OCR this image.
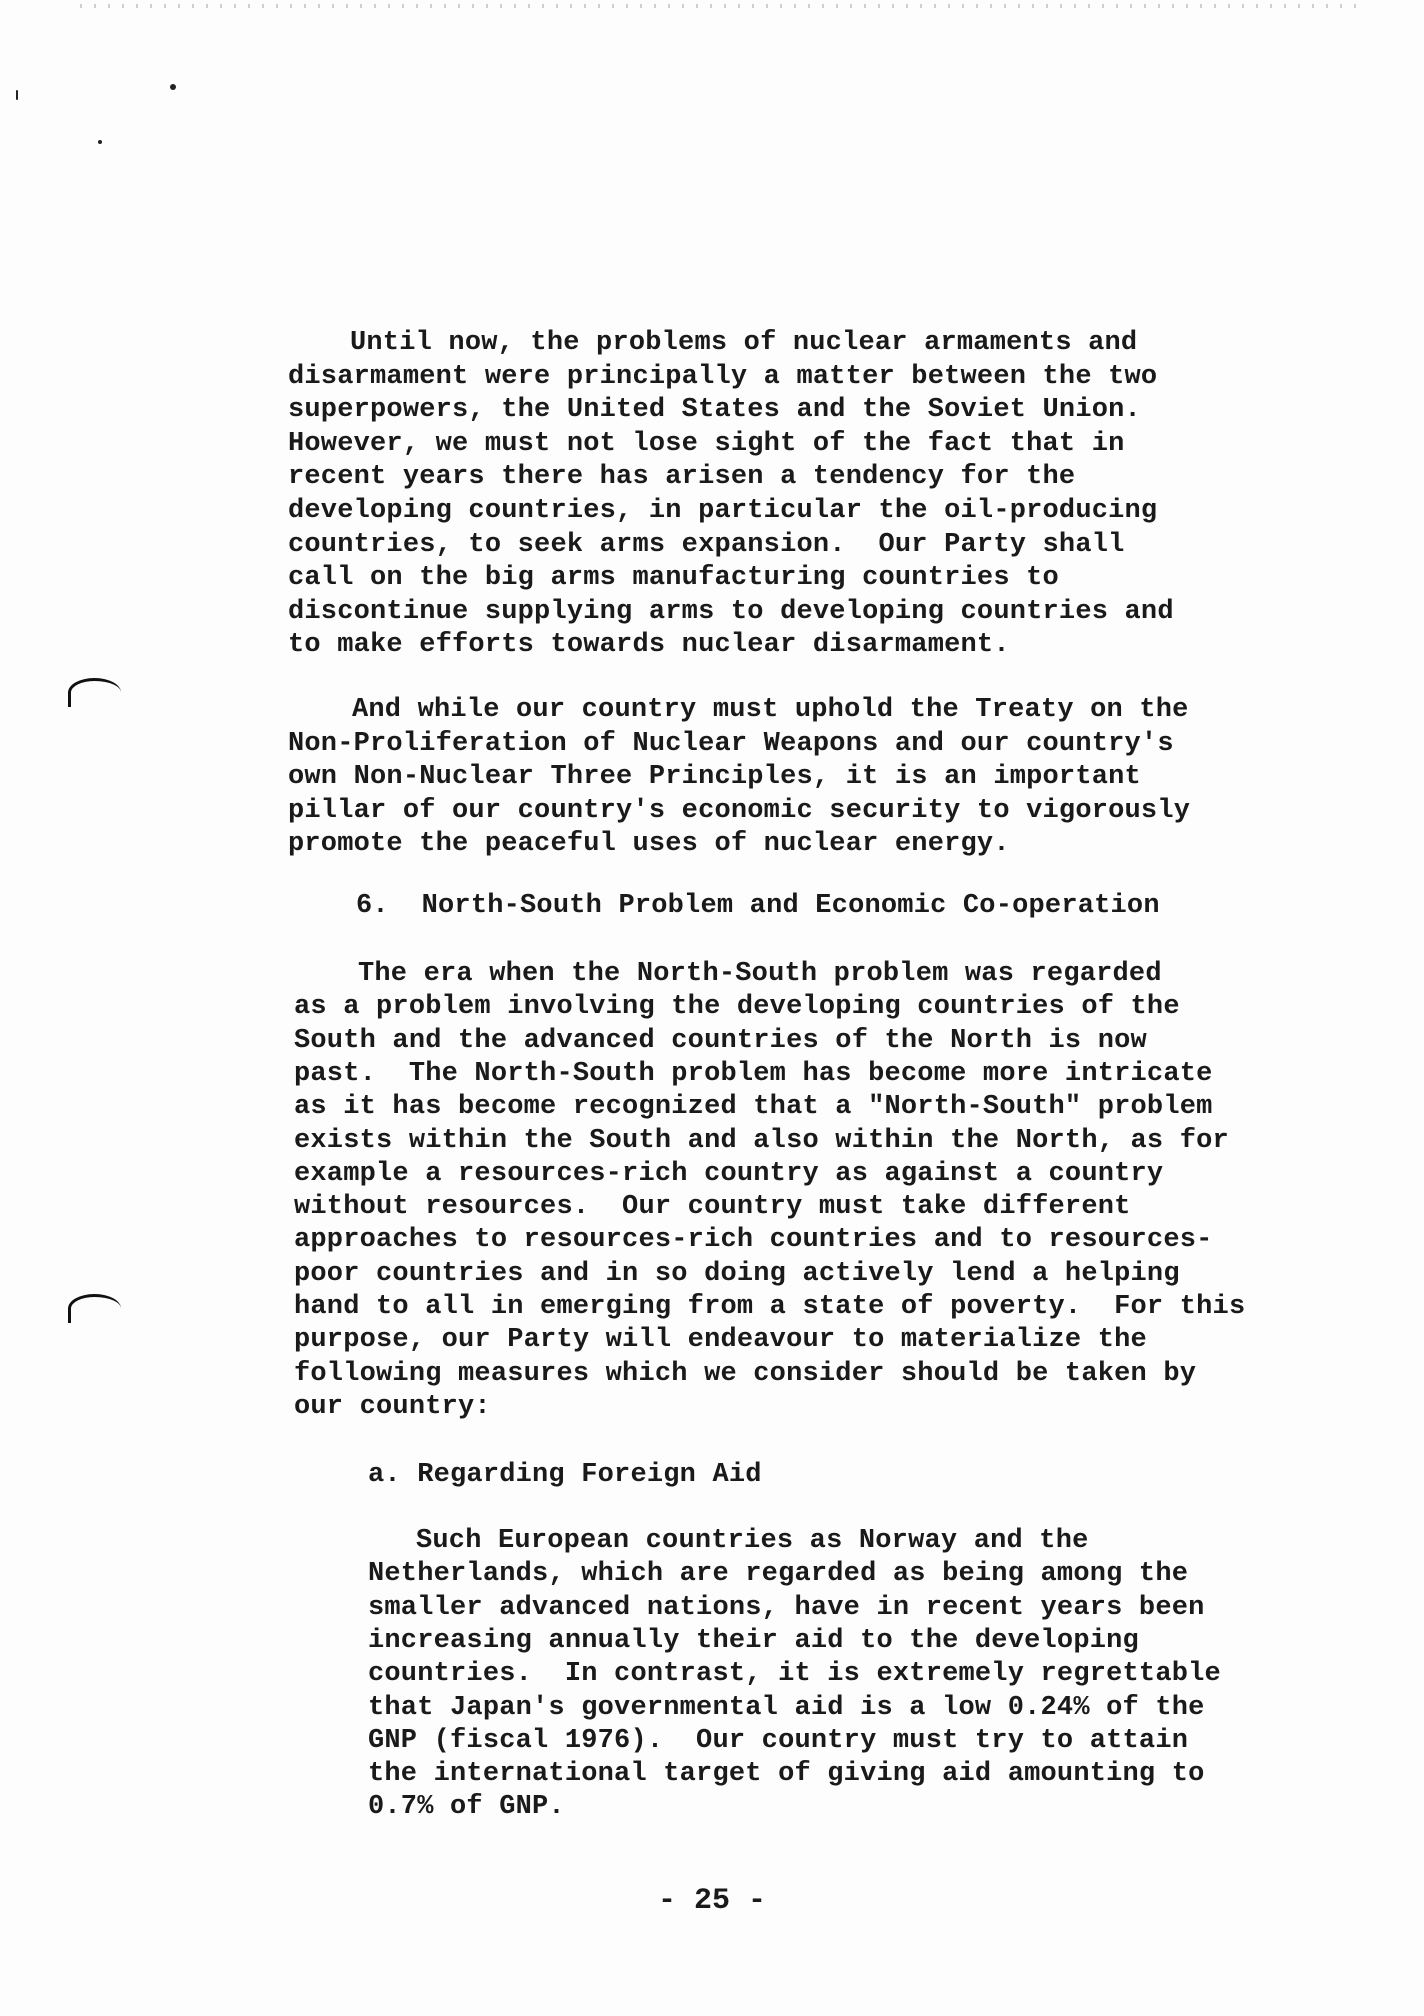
Until now, the problems of nuclear armaments and
disarmament were principally a matter between the two
superpowers, the United States and the Soviet Union.
However, we must not lose sight of the fact that in
recent years there has arisen a tendency for the
developing countries, in particular the oil-producing
countries, to seek arms expansion.  Our Party shall
call on the big arms manufacturing countries to
discontinue supplying arms to developing countries and
to make efforts towards nuclear disarmament.
And while our country must uphold the Treaty on the
Non-Proliferation of Nuclear Weapons and our country's
own Non-Nuclear Three Principles, it is an important
pillar of our country's economic security to vigorously
promote the peaceful uses of nuclear energy.
6.  North-South Problem and Economic Co-operation
The era when the North-South problem was regarded
as a problem involving the developing countries of the
South and the advanced countries of the North is now
past.  The North-South problem has become more intricate
as it has become recognized that a "North-South" problem
exists within the South and also within the North, as for
example a resources-rich country as against a country
without resources.  Our country must take different
approaches to resources-rich countries and to resources-
poor countries and in so doing actively lend a helping
hand to all in emerging from a state of poverty.  For this
purpose, our Party will endeavour to materialize the
following measures which we consider should be taken by
our country:
a. Regarding Foreign Aid
Such European countries as Norway and the
Netherlands, which are regarded as being among the
smaller advanced nations, have in recent years been
increasing annually their aid to the developing
countries.  In contrast, it is extremely regrettable
that Japan's governmental aid is a low 0.24% of the
GNP (fiscal 1976).  Our country must try to attain
the international target of giving aid amounting to
0.7% of GNP.
- 25 -
